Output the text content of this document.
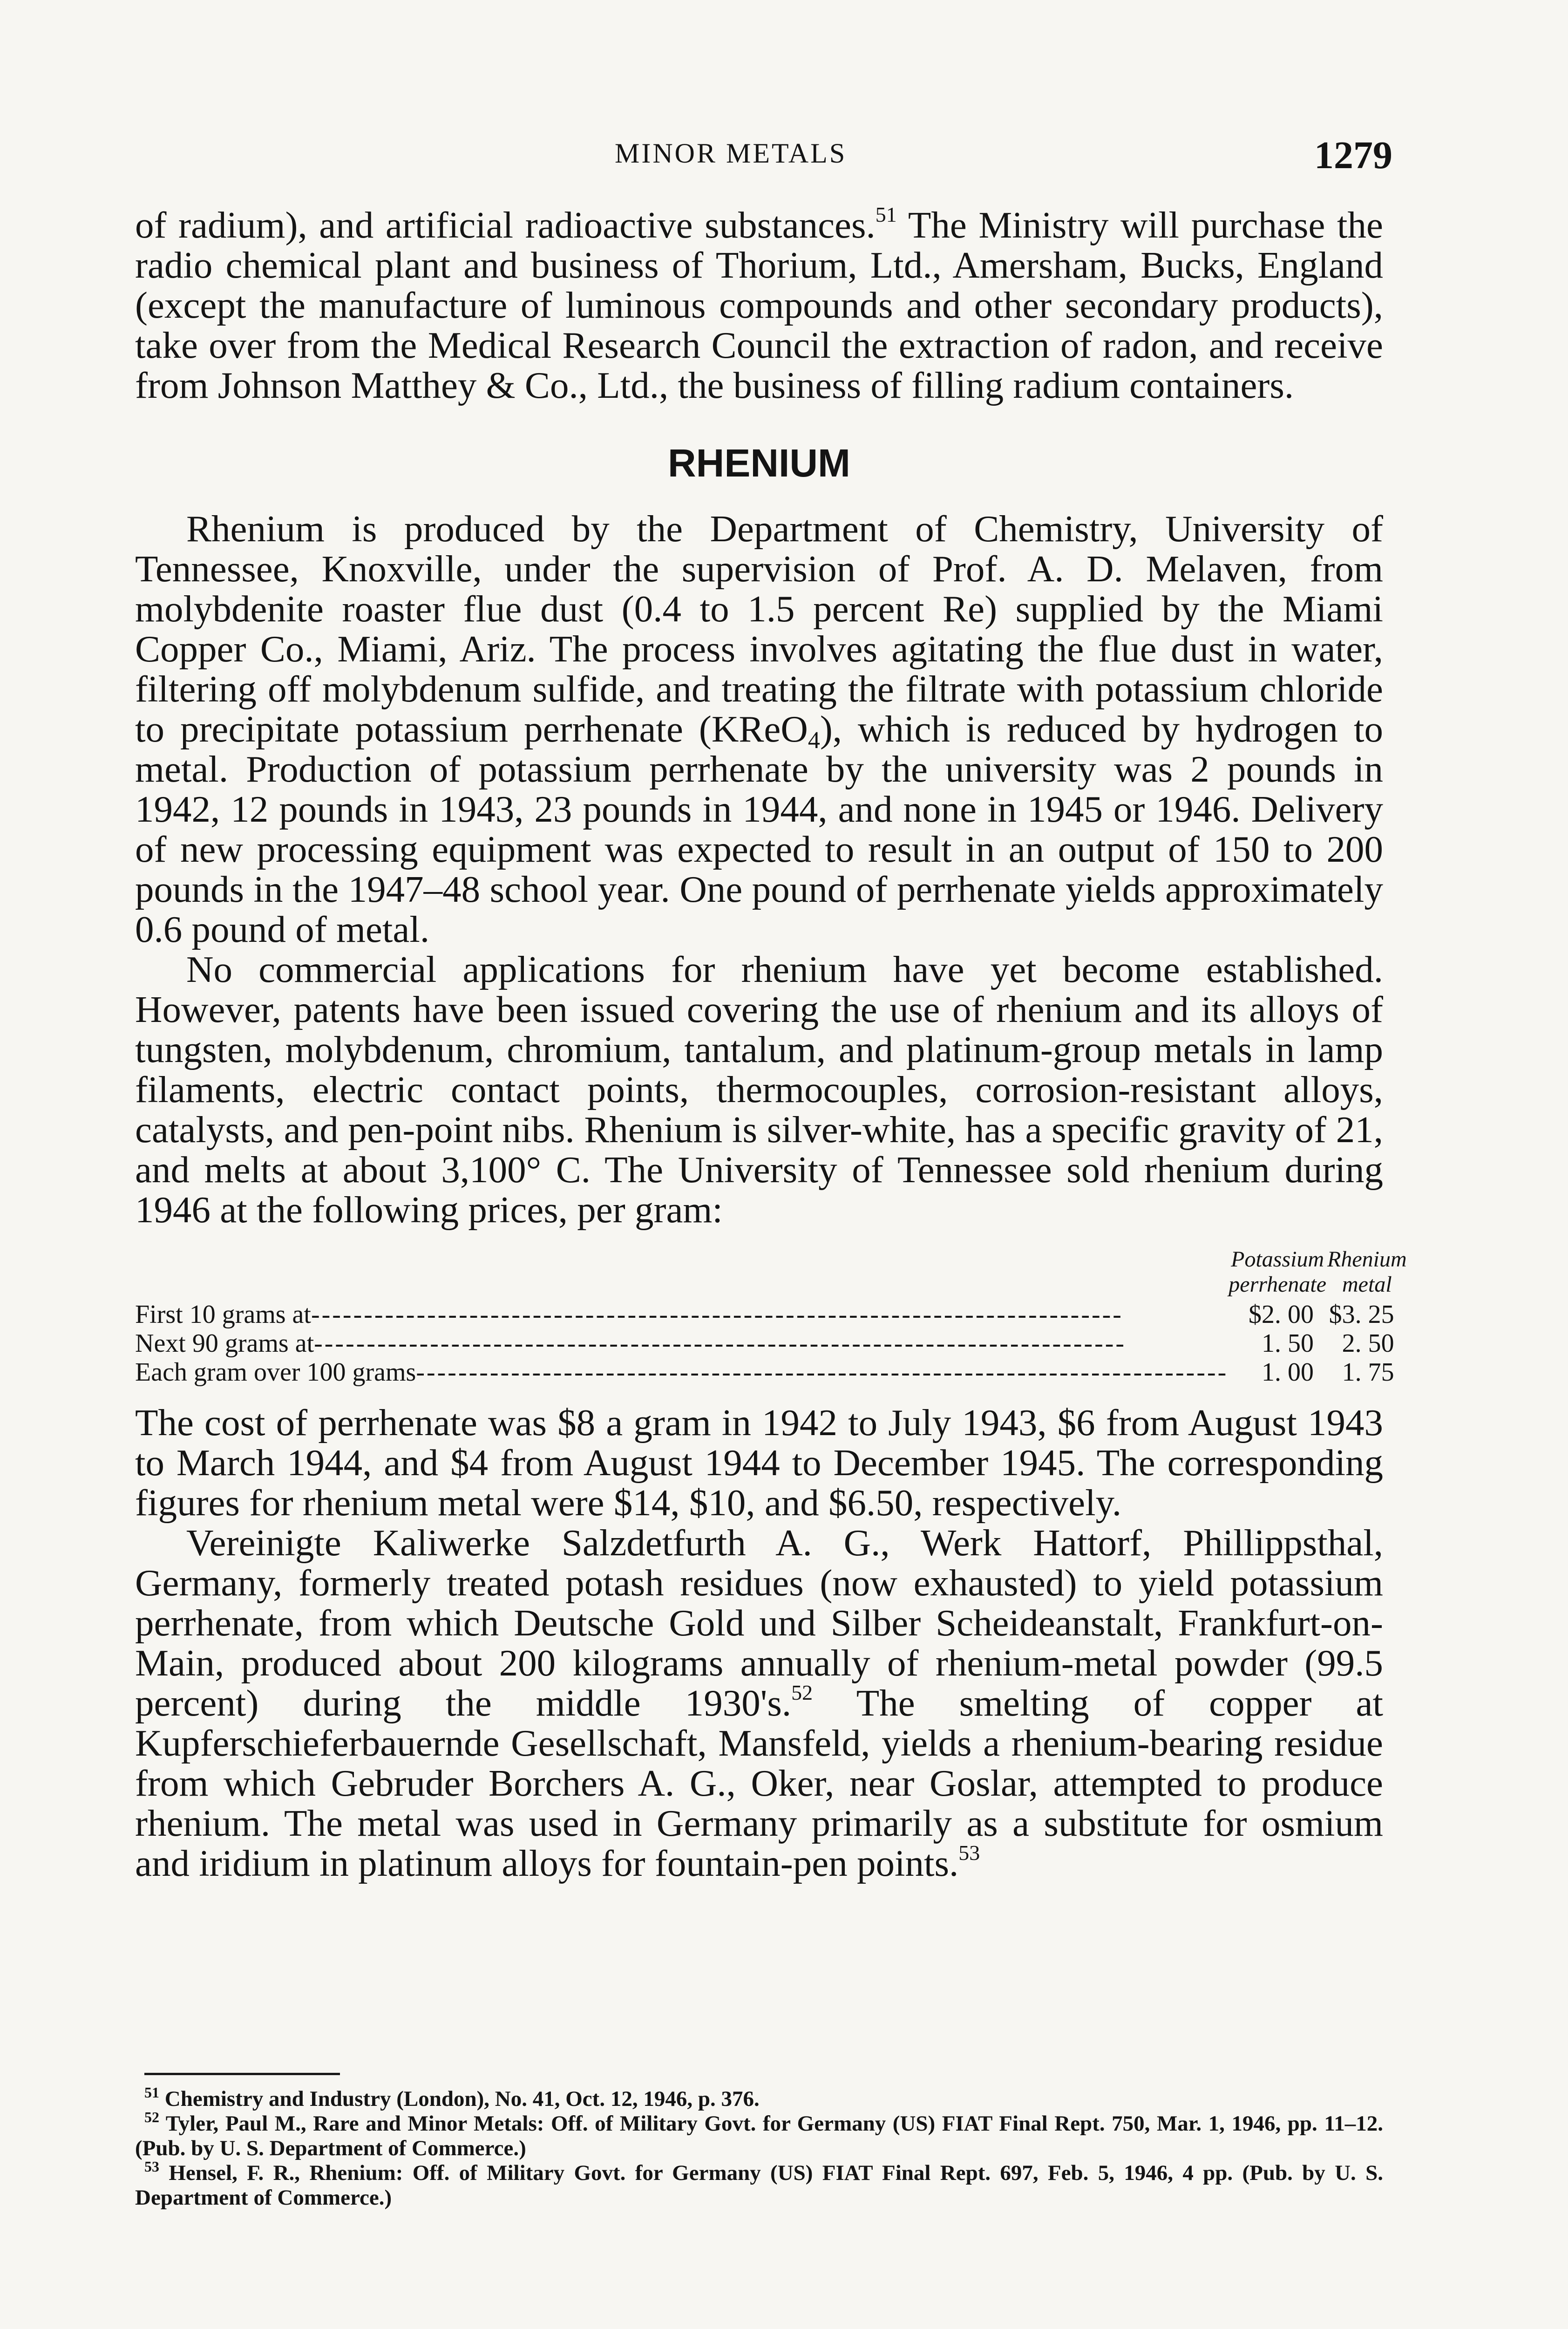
MINOR METALS	1279

of radium), and artificial radioactive substances.$^{51}$ The Ministry will purchase the radio chemical plant and business of Thorium, Ltd., Amersham, Bucks, England (except the manufacture of luminous compounds and other secondary products), take over from the Medical Research Council the extraction of radon, and receive from Johnson Matthey & Co., Ltd., the business of filling radium containers.

RHENIUM

Rhenium is produced by the Department of Chemistry, University of Tennessee, Knoxville, under the supervision of Prof. A. D. Melaven, from molybdenite roaster flue dust (0.4 to 1.5 percent Re) supplied by the Miami Copper Co., Miami, Ariz. The process involves agitating the flue dust in water, filtering off molybdenum sulfide, and treating the filtrate with potassium chloride to precipitate potassium perrhenate (KReO$_4$), which is reduced by hydrogen to metal. Production of potassium perrhenate by the university was 2 pounds in 1942, 12 pounds in 1943, 23 pounds in 1944, and none in 1945 or 1946. Delivery of new processing equipment was expected to result in an output of 150 to 200 pounds in the 1947–48 school year. One pound of perrhenate yields approximately 0.6 pound of metal.

No commercial applications for rhenium have yet become established. However, patents have been issued covering the use of rhenium and its alloys of tungsten, molybdenum, chromium, tantalum, and platinum-group metals in lamp filaments, electric contact points, thermocouples, corrosion-resistant alloys, catalysts, and pen-point nibs. Rhenium is silver-white, has a specific gravity of 21, and melts at about 3,100° C. The University of Tennessee sold rhenium during 1946 at the following prices, per gram:

	Potassium perrhenate	Rhenium metal
First 10 grams at-----------------------------------------------------------------------------	$2. 00	$3. 25
Next 90 grams at-----------------------------------------------------------------------------	1. 50	2. 50
Each gram over 100 grams-----------------------------------------------------------------------------	1. 00	1. 75

The cost of perrhenate was $8 a gram in 1942 to July 1943, $6 from August 1943 to March 1944, and $4 from August 1944 to December 1945. The corresponding figures for rhenium metal were $14, $10, and $6.50, respectively.

Vereinigte Kaliwerke Salzdetfurth A. G., Werk Hattorf, Phillippsthal, Germany, formerly treated potash residues (now exhausted) to yield potassium perrhenate, from which Deutsche Gold und Silber Scheideanstalt, Frankfurt-on-Main, produced about 200 kilograms annually of rhenium-metal powder (99.5 percent) during the middle 1930's.$^{52}$ The smelting of copper at Kupferschieferbauernde Gesellschaft, Mansfeld, yields a rhenium-bearing residue from which Gebruder Borchers A. G., Oker, near Goslar, attempted to produce rhenium. The metal was used in Germany primarily as a substitute for osmium and iridium in platinum alloys for fountain-pen points.$^{53}$

$^{51}$ Chemistry and Industry (London), No. 41, Oct. 12, 1946, p. 376.

$^{52}$ Tyler, Paul M., Rare and Minor Metals: Off. of Military Govt. for Germany (US) FIAT Final Rept. 750, Mar. 1, 1946, pp. 11–12. (Pub. by U. S. Department of Commerce.)

$^{53}$ Hensel, F. R., Rhenium: Off. of Military Govt. for Germany (US) FIAT Final Rept. 697, Feb. 5, 1946, 4 pp. (Pub. by U. S. Department of Commerce.)
